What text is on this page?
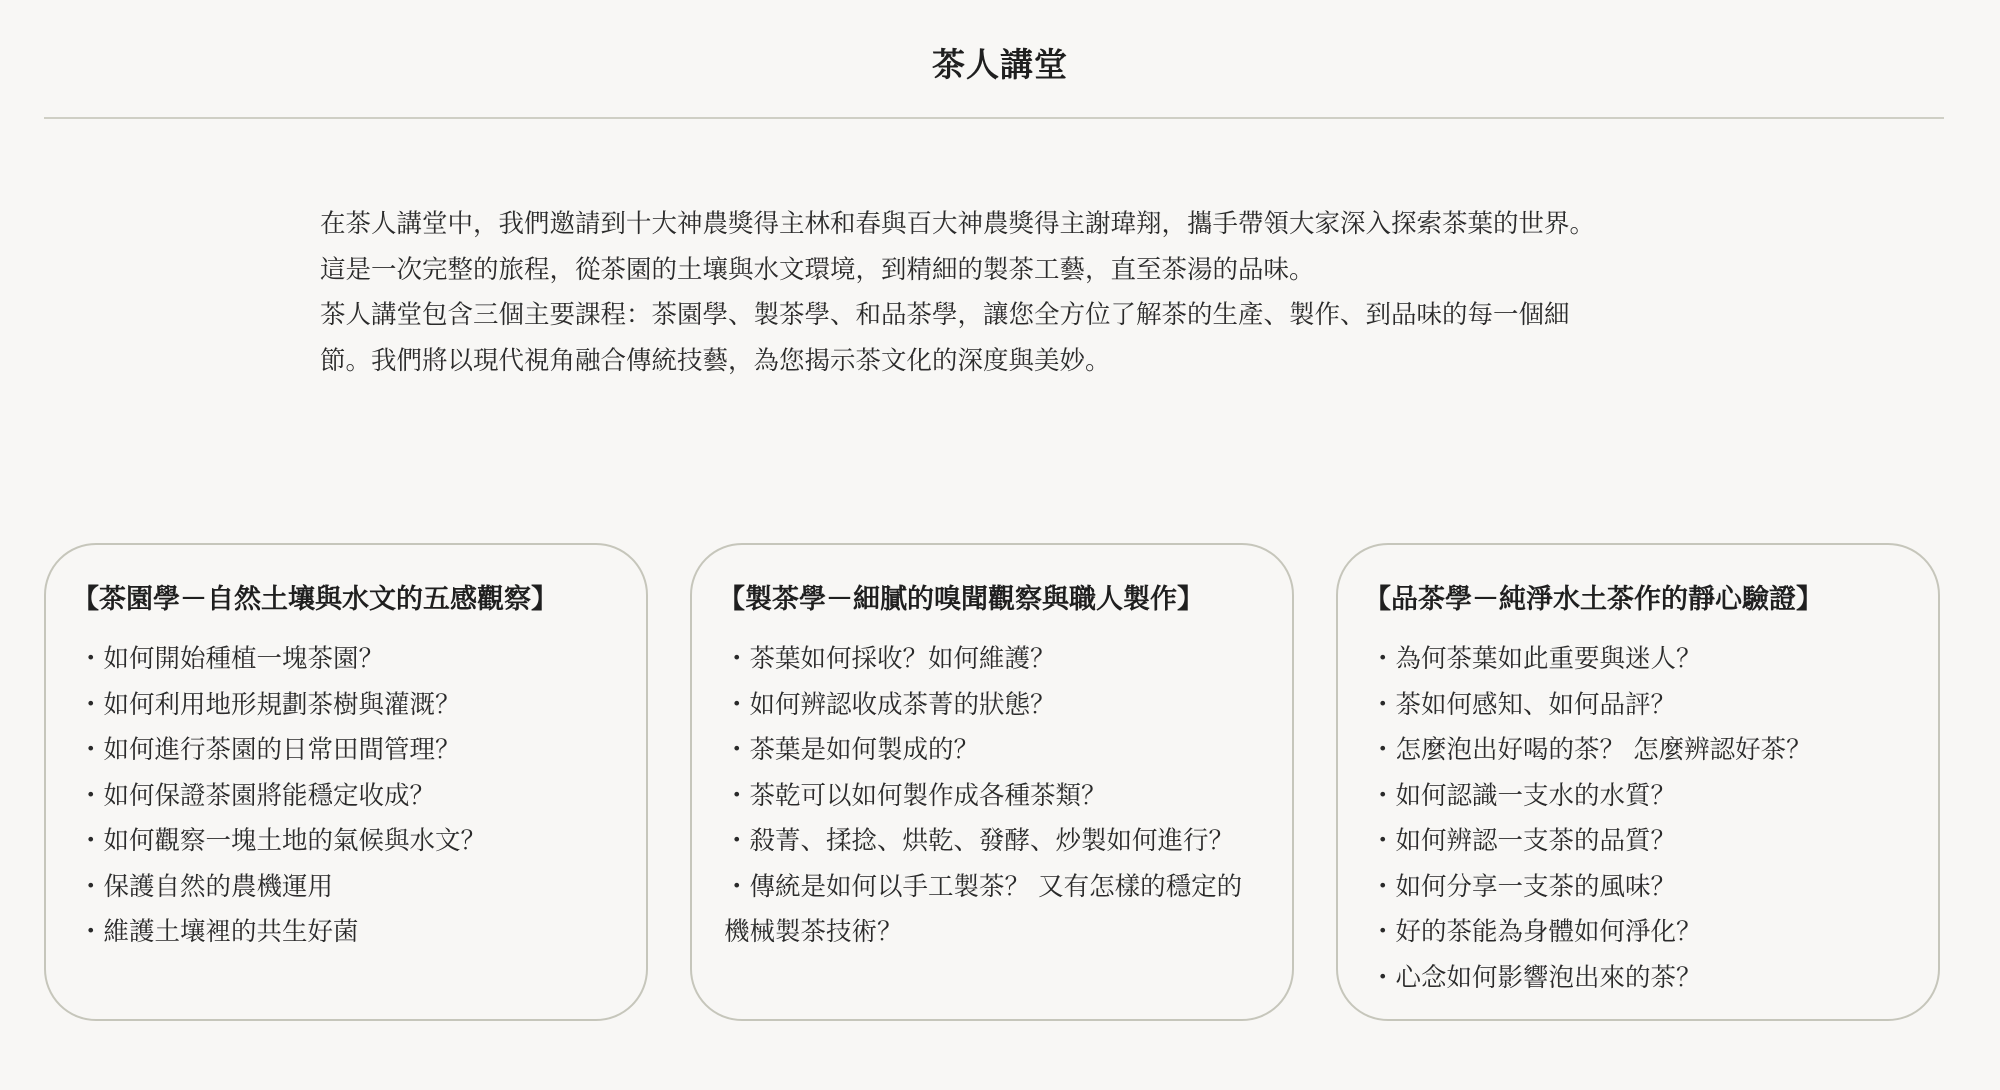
茶人講堂

在茶人講堂中，我們邀請到十大神農獎得主林和春與百大神農獎得主謝瑋翔，攜手帶領大家深入探索茶葉的世界。

這是一次完整的旅程，從茶園的土壤與水文環境，到精細的製茶工藝，直至茶湯的品味。

茶人講堂包含三個主要課程：茶園學、製茶學、和品茶學，讓您全方位了解茶的生產、製作、到品味的每一個細

節。我們將以現代視角融合傳統技藝，為您揭示茶文化的深度與美妙。

【茶園學－自然土壤與水文的五感觀察】
・如何開始種植一塊茶園？
・如何利用地形規劃茶樹與灌溉？
・如何進行茶園的日常田間管理？
・如何保證茶園將能穩定收成？
・如何觀察一塊土地的氣候與水文？
・保護自然的農機運用
・維護土壤裡的共生好菌
【製茶學－細膩的嗅聞觀察與職人製作】
・茶葉如何採收？如何維護？
・如何辨認收成茶菁的狀態？
・茶葉是如何製成的？
・茶乾可以如何製作成各種茶類？
・殺菁、揉捻、烘乾、發酵、炒製如何進行？
・傳統是如何以手工製茶？ 又有怎樣的穩定的
機械製茶技術？
【品茶學－純淨水土茶作的靜心驗證】
・為何茶葉如此重要與迷人？
・茶如何感知、如何品評？
・怎麼泡出好喝的茶？ 怎麼辨認好茶？
・如何認識一支水的水質？
・如何辨認一支茶的品質？
・如何分享一支茶的風味？
・好的茶能為身體如何淨化？
・心念如何影響泡出來的茶？
